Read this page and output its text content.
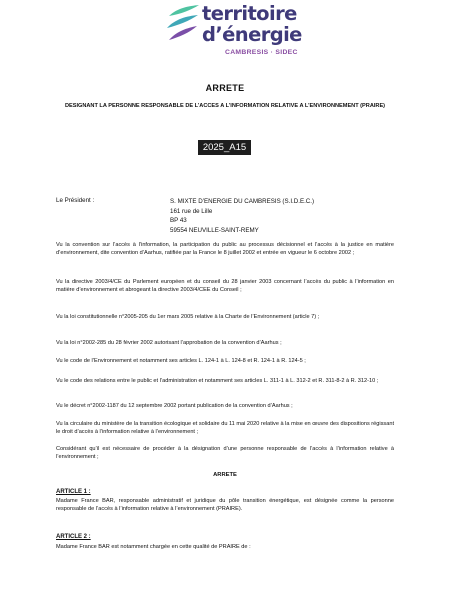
territoire
d’énergie
CAMBRESIS · SIDEC
ARRETE
DESIGNANT LA PERSONNE RESPONSABLE DE L’ACCES A L’INFORMATION RELATIVE A L’ENVIRONNEMENT (PRAIRE)
2025_A15
Le Président :	S. MIXTE D’ENERGIE DU CAMBRESIS (S.I.D.E.C.)
161 rue de Lille
BP 43
59554 NEUVILLE-SAINT-REMY
Vu la convention sur l’accès à l’information, la participation du public au processus décisionnel et l’accès à la justice en matière d’environnement, dite convention d’Aarhus, ratifiée par la France le 8 juillet 2002 et entrée en vigueur le 6 octobre 2002 ;
Vu la directive 2003/4/CE du Parlement européen et du conseil du 28 janvier 2003 concernant l’accès du public à l’information en matière d’environnement et abrogeant la directive 2003/4/CEE du Conseil ;
Vu la loi constitutionnelle n°2005-205 du 1er mars 2005 relative à la Charte de l’Environnement (article 7) ;
Vu la loi n°2002-285 du 28 février 2002 autorisant l’approbation de la convention d’Aarhus ;
Vu le code de l’Environnement et notamment ses articles L. 124-1 à L. 124-8 et R. 124-1 à R. 124-5 ;
Vu le code des relations entre le public et l’administration et notamment ses articles L. 311-1 à L. 312-2 et R. 311-8-2 à R. 312-10 ;
Vu le décret n°2002-1187 du 12 septembre 2002 portant publication de la convention d’Aarhus ;
Vu la circulaire du ministère de la transition écologique et solidaire du 11 mai 2020 relative à la mise en œuvre des dispositions régissant le droit d’accès à l’information relative à l’environnement ;
Considérant qu’il est nécessaire de procéder à la désignation d’une personne responsable de l’accès à l’information relative à l’environnement ;
ARRETE
ARTICLE 1 :
Madame France BAR, responsable administratif et juridique du pôle transition énergétique, est désignée comme la personne responsable de l’accès à l’information relative à l’environnement (PRAIRE).
ARTICLE 2 :
Madame France BAR est notamment chargée en cette qualité de PRAIRE de :
